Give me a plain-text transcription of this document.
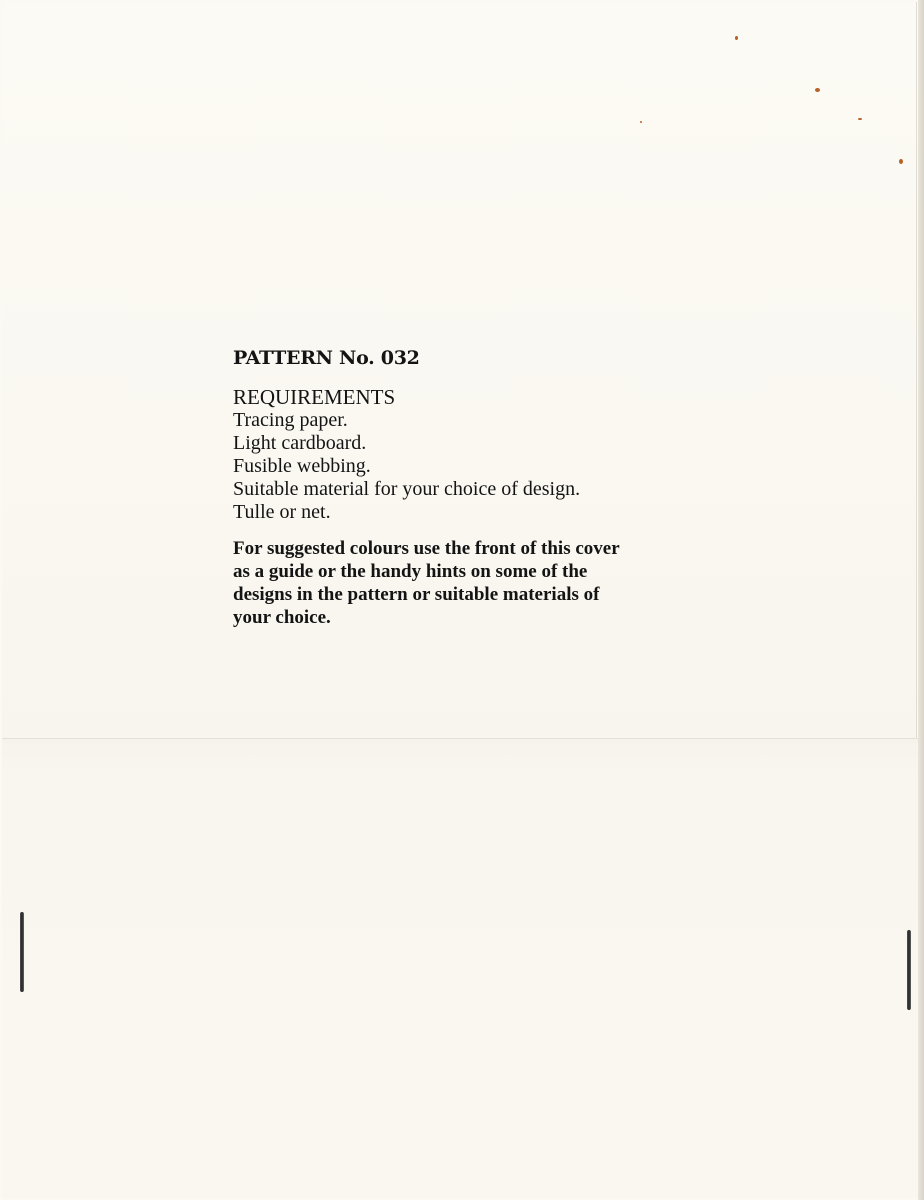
PATTERN No. 032
REQUIREMENTS
Tracing paper.
Light cardboard.
Fusible webbing.
Suitable material for your choice of design.
Tulle or net.
For suggested colours use the front of this cover
as a guide or the handy hints on some of the
designs in the pattern or suitable materials of
your choice.
